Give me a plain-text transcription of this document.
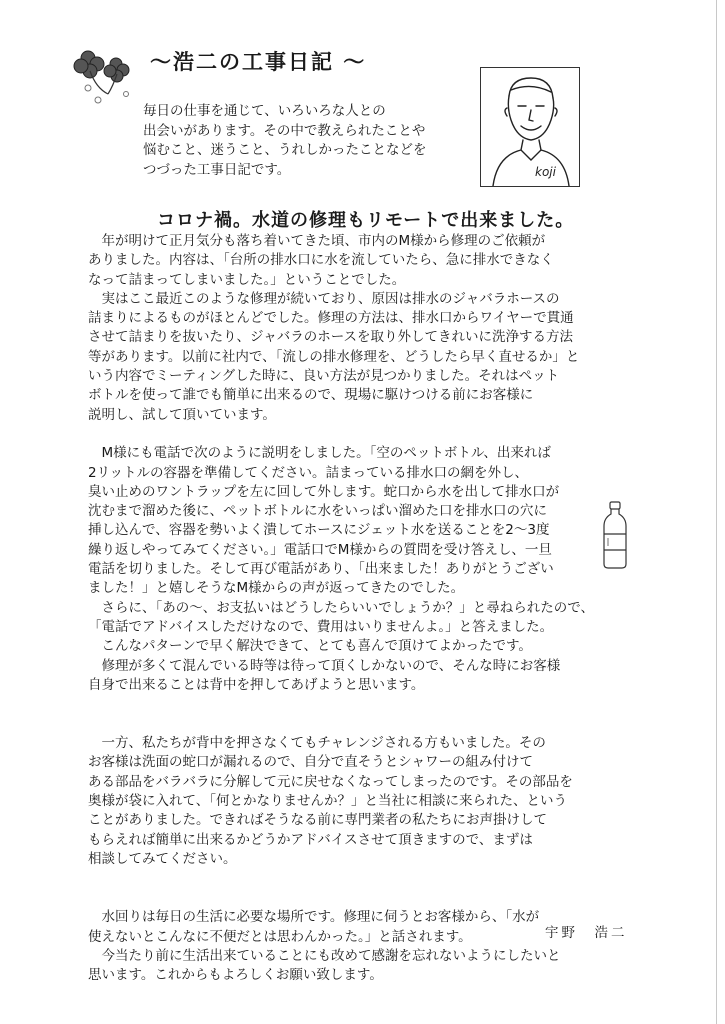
～浩二の工事日記 ～
毎日の仕事を通じて、いろいろな人との
出会いがあります。その中で教えられたことや
悩むこと、迷うこと、うれしかったことなどを
つづった工事日記です。	koji
コロナ禍。水道の修理もリモートで出来ました。
　年が明けて正月気分も落ち着いてきた頃、市内のM様から修理のご依頼が
ありました。内容は、「台所の排水口に水を流していたら、急に排水できなく
なって詰まってしまいました。」ということでした。
　実はここ最近このような修理が続いており、原因は排水のジャバラホースの
詰まりによるものがほとんどでした。修理の方法は、排水口からワイヤーで貫通
させて詰まりを抜いたり、ジャバラのホースを取り外してきれいに洗浄する方法
等があります。以前に社内で、「流しの排水修理を、どうしたら早く直せるか」と
いう内容でミーティングした時に、良い方法が見つかりました。それはペット
ボトルを使って誰でも簡単に出来るので、現場に駆けつける前にお客様に
説明し、試して頂いています。
　M様にも電話で次のように説明をしました。「空のペットボトル、出来れば
2リットルの容器を準備してください。詰まっている排水口の網を外し、
臭い止めのワントラップを左に回して外します。蛇口から水を出して排水口が
沈むまで溜めた後に、ペットボトルに水をいっぱい溜めた口を排水口の穴に
挿し込んで、容器を勢いよく潰してホースにジェット水を送ることを2～3度
繰り返しやってみてください。」電話口でM様からの質問を受け答えし、一旦
電話を切りました。そして再び電話があり、「出来ました！ありがとうござい
ました！」と嬉しそうなM様からの声が返ってきたのでした。
　さらに、「あの～、お支払いはどうしたらいいでしょうか？」と尋ねられたので、
「電話でアドバイスしただけなので、費用はいりませんよ。」と答えました。
　こんなパターンで早く解決できて、とても喜んで頂けてよかったです。
　修理が多くて混んでいる時等は待って頂くしかないので、そんな時にお客様
自身で出来ることは背中を押してあげようと思います。
　一方、私たちが背中を押さなくてもチャレンジされる方もいました。その
お客様は洗面の蛇口が漏れるので、自分で直そうとシャワーの組み付けて
ある部品をバラバラに分解して元に戻せなくなってしまったのです。その部品を
奥様が袋に入れて、「何とかなりませんか？」と当社に相談に来られた、という
ことがありました。できればそうなる前に専門業者の私たちにお声掛けして
もらえれば簡単に出来るかどうかアドバイスさせて頂きますので、まずは
相談してみてください。
　水回りは毎日の生活に必要な場所です。修理に伺うとお客様から、「水が
使えないとこんなに不便だとは思わんかった。」と話されます。
　今当たり前に生活出来ていることにも改めて感謝を忘れないようにしたいと
思います。これからもよろしくお願い致します。
宇野　浩二
